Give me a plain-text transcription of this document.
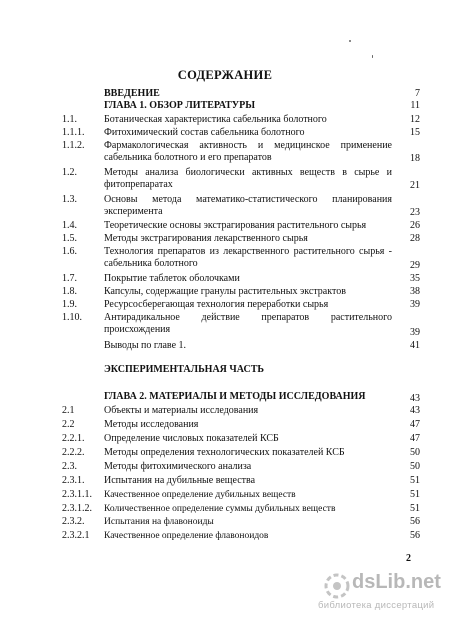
СОДЕРЖАНИЕ
ВВЕДЕНИЕ	7
ГЛАВА 1. ОБЗОР ЛИТЕРАТУРЫ	11
1.1.	Ботаническая характеристика сабельника болотного	12
1.1.1. Фитохимический состав сабельника болотного	15
1.1.2. Фармакологическая активность и медицинское применение сабельника болотного и его препаратов	18
1.2.	Методы анализа биологически активных веществ в сырье и фитопрепаратах	21
1.3.	Основы метода математико-статистического планирования эксперимента	23
1.4.	Теоретические основы экстрагирования растительного сырья	26
1.5.	Методы экстрагирования лекарственного сырья	28
1.6.	Технология препаратов из лекарственного растительного сырья - сабельника болотного	29
1.7.	Покрытие таблеток оболочками	35
1.8.	Капсулы, содержащие гранулы растительных экстрактов	38
1.9.	Ресурсосберегающая технология переработки сырья	39
1.10. Антирадикальное действие препаратов растительного происхождения	39
Выводы по главе 1.	41
ЭКСПЕРИМЕНТАЛЬНАЯ ЧАСТЬ
ГЛАВА 2. МАТЕРИАЛЫ И МЕТОДЫ ИССЛЕДОВАНИЯ	43
2.1	Объекты и материалы исследования	43
2.2	Методы исследования	47
2.2.1. Определение числовых показателей КСБ	47
2.2.2. Методы определения технологических показателей КСБ	50
2.3.	Методы фитохимического анализа	50
2.3.1. Испытания на дубильные вещества	51
2.3.1.1. Качественное определение дубильных веществ	51
2.3.1.2. Количественное определение суммы дубильных веществ	51
2.3.2. Испытания на флавоноиды	56
2.3.2.1 Качественное определение флавоноидов	56
2
dsLib.net
библиотека диссертаций
